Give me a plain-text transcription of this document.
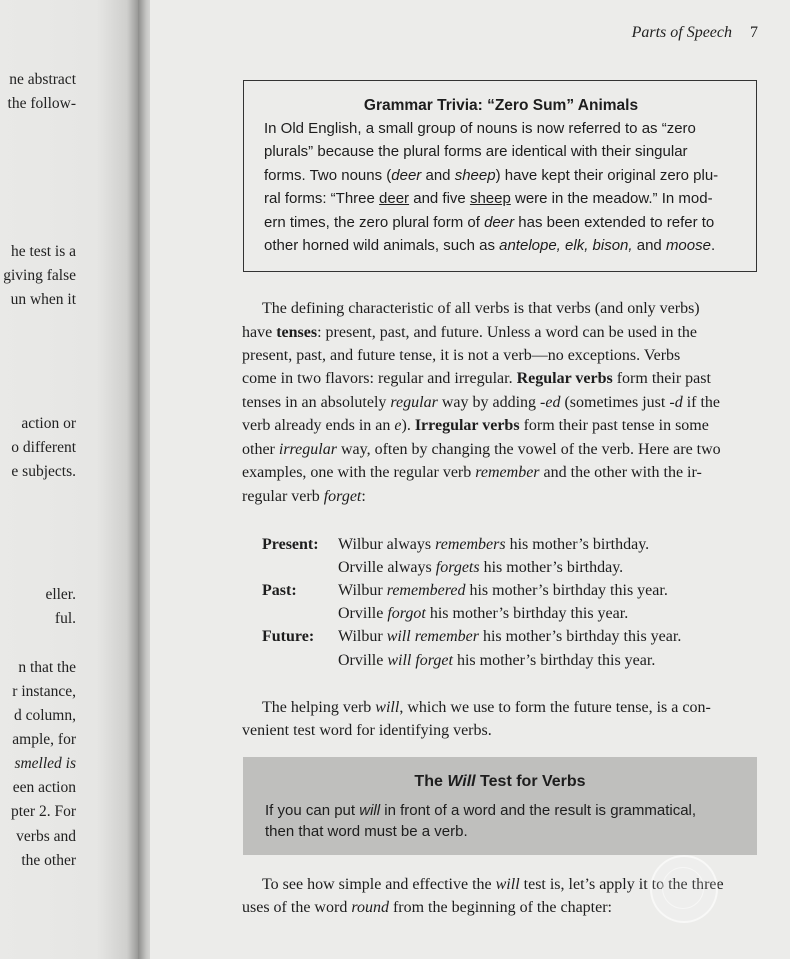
ne abstract
the follow-
he test is a
giving false
un when it
action or
o different
e subjects.
eller.
ful.
n that the
r instance,
d column,
ample, for
smelled is
een action
pter 2. For
verbs and
the other
Parts of Speech 7
Grammar Trivia: “Zero Sum” Animals
In Old English, a small group of nouns is now referred to as “zero
plurals” because the plural forms are identical with their singular
forms. Two nouns (deer and sheep) have kept their original zero plu-
ral forms: “Three deer and five sheep were in the meadow.” In mod-
ern times, the zero plural form of deer has been extended to refer to
other horned wild animals, such as antelope, elk, bison, and moose.
The defining characteristic of all verbs is that verbs (and only verbs)
have tenses: present, past, and future. Unless a word can be used in the
present, past, and future tense, it is not a verb—no exceptions. Verbs
come in two flavors: regular and irregular. Regular verbs form their past
tenses in an absolutely regular way by adding -ed (sometimes just -d if the
verb already ends in an e). Irregular verbs form their past tense in some
other irregular way, often by changing the vowel of the verb. Here are two
examples, one with the regular verb remember and the other with the ir-
regular verb forget:
Present: Wilbur always remembers his mother’s birthday.
Orville always forgets his mother’s birthday.
Past:	Wilbur remembered his mother’s birthday this year.
Orville forgot his mother’s birthday this year.
Future: Wilbur will remember his mother’s birthday this year.
Orville will forget his mother’s birthday this year.
The helping verb will, which we use to form the future tense, is a con-
venient test word for identifying verbs.
The Will Test for Verbs
If you can put will in front of a word and the result is grammatical,
then that word must be a verb.
To see how simple and effective the will test is, let’s apply it to the three
uses of the word round from the beginning of the chapter:
